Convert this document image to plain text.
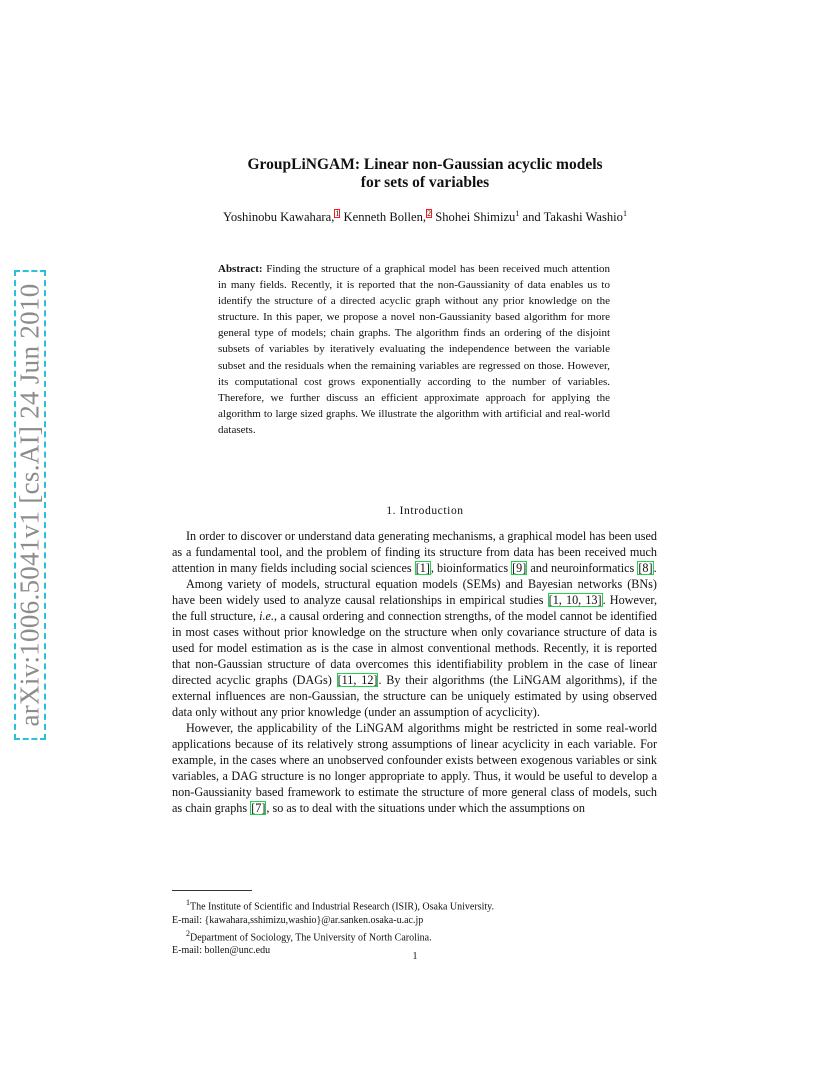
arXiv:1006.5041v1 [cs.AI] 24 Jun 2010
GroupLiNGAM: Linear non-Gaussian acyclic models
for sets of variables
Yoshinobu Kawahara,$^1$ Kenneth Bollen,$^2$ Shohei Shimizu$^1$ and Takashi Washio$^1$
Abstract: Finding the structure of a graphical model has been received much attention in many fields. Recently, it is reported that the non-Gaussianity of data enables us to identify the structure of a directed acyclic graph without any prior knowledge on the structure. In this paper, we propose a novel non-Gaussianity based algorithm for more general type of models; chain graphs. The algorithm finds an ordering of the disjoint subsets of variables by iteratively evaluating the independence between the variable subset and the residuals when the remaining variables are regressed on those. However, its computational cost grows exponentially according to the number of variables. Therefore, we further discuss an efficient approximate approach for applying the algorithm to large sized graphs. We illustrate the algorithm with artificial and real-world datasets.
1. Introduction

In order to discover or understand data generating mechanisms, a graphical model has been used as a fundamental tool, and the problem of finding its structure from data has been received much attention in many fields including social sciences [1], bioinformatics [9] and neuroinformatics [8].

Among variety of models, structural equation models (SEMs) and Bayesian networks (BNs) have been widely used to analyze causal relationships in empirical studies [1, 10, 13]. However, the full structure, i.e., a causal ordering and connection strengths, of the model cannot be identified in most cases without prior knowledge on the structure when only covariance structure of data is used for model estimation as is the case in almost conventional methods. Recently, it is reported that non-Gaussian structure of data overcomes this identifiability problem in the case of linear directed acyclic graphs (DAGs) [11, 12]. By their algorithms (the LiNGAM algorithms), if the external influences are non-Gaussian, the structure can be uniquely estimated by using observed data only without any prior knowledge (under an assumption of acyclicity).

However, the applicability of the LiNGAM algorithms might be restricted in some real-world applications because of its relatively strong assumptions of linear acyclicity in each variable. For example, in the cases where an unobserved confounder exists between exogenous variables or sink variables, a DAG structure is no longer appropriate to apply. Thus, it would be useful to develop a non-Gaussianity based framework to estimate the structure of more general class of models, such as chain graphs [7], so as to deal with the situations under which the assumptions on

$^1$The Institute of Scientific and Industrial Research (ISIR), Osaka University.
E-mail: {kawahara,sshimizu,washio}@ar.sanken.osaka-u.ac.jp
$^2$Department of Sociology, The University of North Carolina.
E-mail: bollen@unc.edu
1
